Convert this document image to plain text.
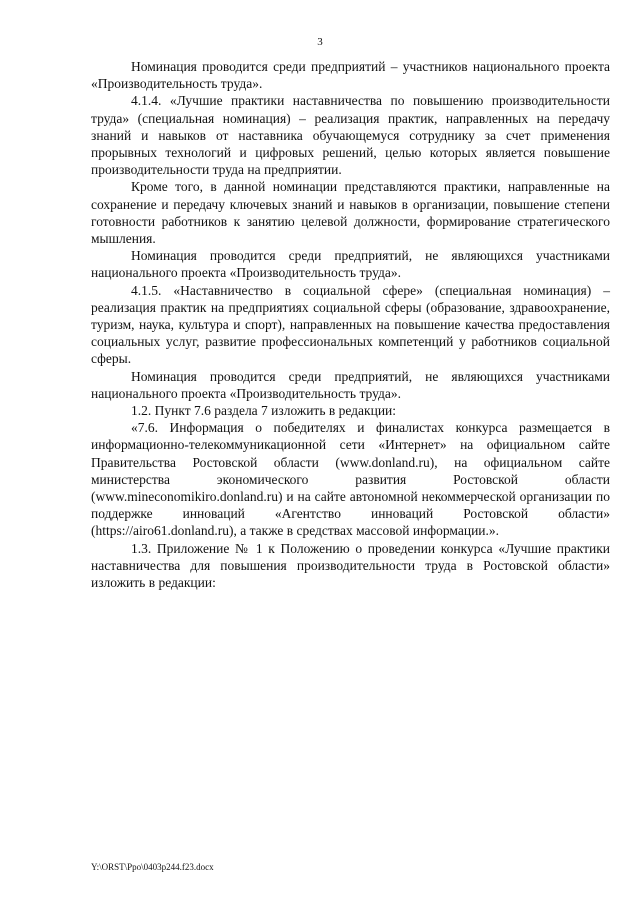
3

Номинация проводится среди предприятий – участников национального проекта «Производительность труда».

4.1.4. «Лучшие практики наставничества по повышению производительности труда» (специальная номинация) – реализация практик, направленных на передачу знаний и навыков от наставника обучающемуся сотруднику за счет применения прорывных технологий и цифровых решений, целью которых является повышение производительности труда на предприятии.

Кроме того, в данной номинации представляются практики, направленные на сохранение и передачу ключевых знаний и навыков в организации, повышение степени готовности работников к занятию целевой должности, формирование стратегического мышления.

Номинация проводится среди предприятий, не являющихся участниками национального проекта «Производительность труда».

4.1.5. «Наставничество в социальной сфере» (специальная номинация) – реализация практик на предприятиях социальной сферы (образование, здравоохранение, туризм, наука, культура и спорт), направленных на повышение качества предоставления социальных услуг, развитие профессиональных компетенций у работников социальной сферы.

Номинация проводится среди предприятий, не являющихся участниками национального проекта «Производительность труда».

1.2. Пункт 7.6 раздела 7 изложить в редакции:

«7.6. Информация о победителях и финалистах конкурса размещается в информационно-телекоммуникационной сети «Интернет» на официальном сайте Правительства Ростовской области (www.donland.ru), на официальном сайте министерства экономического развития Ростовской области (www.mineconomikiro.donland.ru) и на сайте автономной некоммерческой организации по поддержке инноваций «Агентство инноваций Ростовской области» (https://airo61.donland.ru), а также в средствах массовой информации.».

1.3. Приложение № 1 к Положению о проведении конкурса «Лучшие практики наставничества для повышения производительности труда в Ростовской области» изложить в редакции:

Y:\ORST\Ppo\0403p244.f23.docx
